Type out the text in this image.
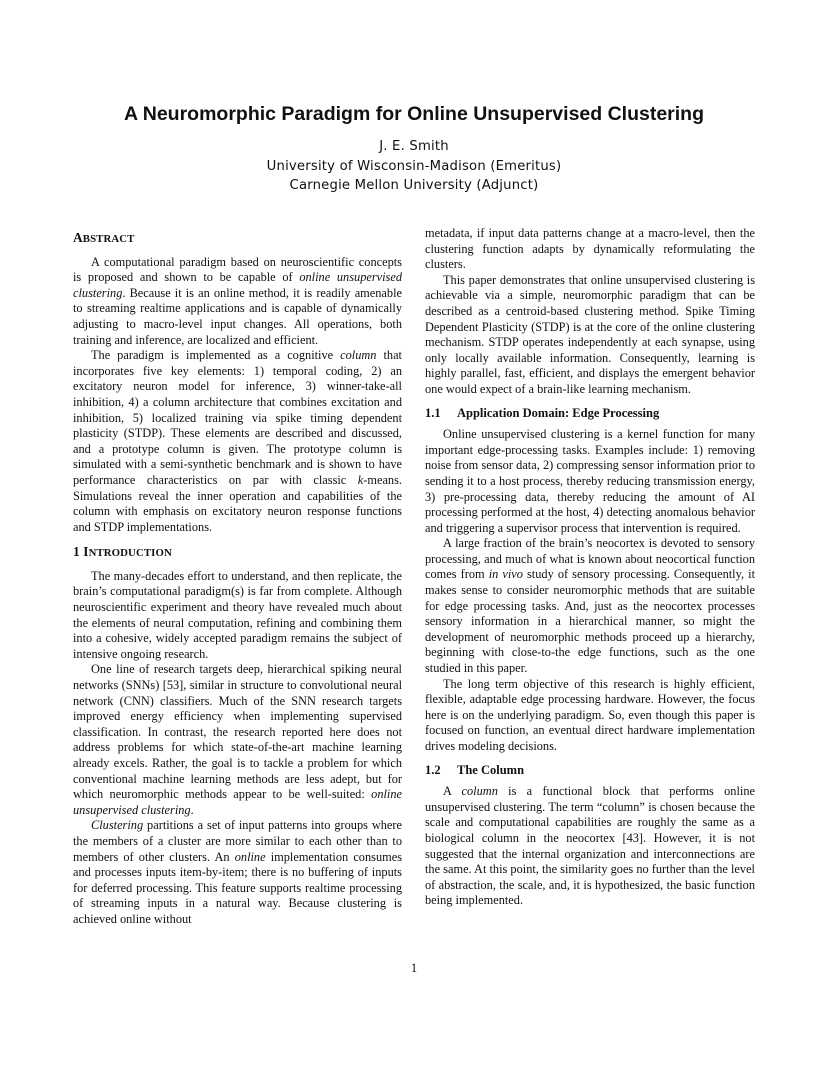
A Neuromorphic Paradigm for Online Unsupervised Clustering
J. E. Smith
University of Wisconsin-Madison (Emeritus)
Carnegie Mellon University (Adjunct)
ABSTRACT

A computational paradigm based on neuroscientific concepts is proposed and shown to be capable of online unsupervised clustering. Because it is an online method, it is readily amenable to streaming realtime applications and is capable of dynamically adjusting to macro-level input changes. All operations, both training and inference, are localized and efficient.

The paradigm is implemented as a cognitive column that incorporates five key elements: 1) temporal coding, 2) an excitatory neuron model for inference, 3) winner-take-all inhibition, 4) a column architecture that combines excitation and inhibition, 5) localized training via spike timing dependent plasticity (STDP). These elements are described and discussed, and a prototype column is given. The prototype column is simulated with a semi-synthetic benchmark and is shown to have performance characteristics on par with classic k-means. Simulations reveal the inner operation and capabilities of the column with emphasis on excitatory neuron response functions and STDP implementations.

1 INTRODUCTION

The many-decades effort to understand, and then replicate, the brain’s computational paradigm(s) is far from complete. Although neuroscientific experiment and theory have revealed much about the elements of neural computation, refining and combining them into a cohesive, widely accepted paradigm remains the subject of intensive ongoing research.

One line of research targets deep, hierarchical spiking neural networks (SNNs) [53], similar in structure to convolutional neural network (CNN) classifiers. Much of the SNN research targets improved energy efficiency when implementing supervised classification. In contrast, the research reported here does not address problems for which state-of-the-art machine learning already excels. Rather, the goal is to tackle a problem for which conventional machine learning methods are less adept, but for which neuromorphic methods appear to be well-suited: online unsupervised clustering.

Clustering partitions a set of input patterns into groups where the members of a cluster are more similar to each other than to members of other clusters. An online implementation consumes and processes inputs item-by-item; there is no buffering of inputs for deferred processing. This feature supports realtime processing of streaming inputs in a natural way. Because clustering is achieved online without

metadata, if input data patterns change at a macro-level, then the clustering function adapts by dynamically reformulating the clusters.

This paper demonstrates that online unsupervised clustering is achievable via a simple, neuromorphic paradigm that can be described as a centroid-based clustering method. Spike Timing Dependent Plasticity (STDP) is at the core of the online clustering mechanism. STDP operates independently at each synapse, using only locally available information. Consequently, learning is highly parallel, fast, efficient, and displays the emergent behavior one would expect of a brain-like learning mechanism.

1.1 Application Domain: Edge Processing

Online unsupervised clustering is a kernel function for many important edge-processing tasks. Examples include: 1) removing noise from sensor data, 2) compressing sensor information prior to sending it to a host process, thereby reducing transmission energy, 3) pre-processing data, thereby reducing the amount of AI processing performed at the host, 4) detecting anomalous behavior and triggering a supervisor process that intervention is required.

A large fraction of the brain’s neocortex is devoted to sensory processing, and much of what is known about neocortical function comes from in vivo study of sensory processing. Consequently, it makes sense to consider neuromorphic methods that are suitable for edge processing tasks. And, just as the neocortex processes sensory information in a hierarchical manner, so might the development of neuromorphic methods proceed up a hierarchy, beginning with close-to-the edge functions, such as the one studied in this paper.

The long term objective of this research is highly efficient, flexible, adaptable edge processing hardware. However, the focus here is on the underlying paradigm. So, even though this paper is focused on function, an eventual direct hardware implementation drives modeling decisions.

1.2 The Column

A column is a functional block that performs online unsupervised clustering. The term “column” is chosen because the scale and computational capabilities are roughly the same as a biological column in the neocortex [43]. However, it is not suggested that the internal organization and interconnections are the same. At this point, the similarity goes no further than the level of abstraction, the scale, and, it is hypothesized, the basic function being implemented.

1
